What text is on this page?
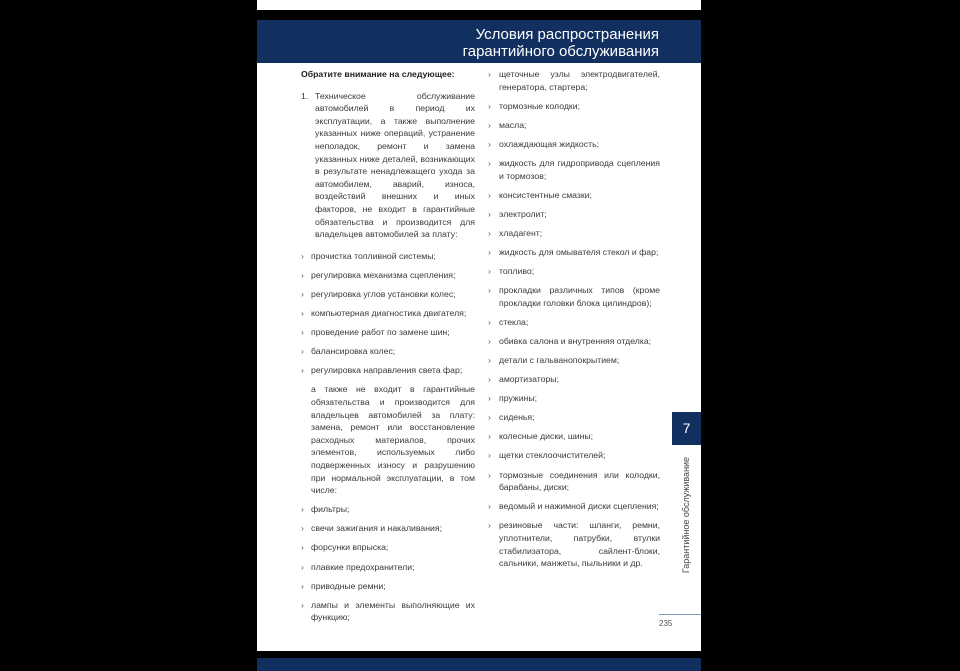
Условия распространения
гарантийного обслуживания
Обратите внимание на следующее:
1. Техническое обслуживание автомобилей в период их эксплуатации, а также выполнение указанных ниже операций, устранение неполадок, ремонт и замена указанных ниже деталей, возникающих в результате ненадлежащего ухода за автомобилем, аварий, износа, воздействий внешних и иных факторов, не входит в гарантийные обязательства и производится для владельцев автомобилей за плату:
› прочистка топливной системы;
› регулировка механизма сцепления;
› регулировка углов установки колес;
› компьютерная диагностика двигателя;
› проведение работ по замене шин;
› балансировка колес;
› регулировка направления света фар;
а также не входит в гарантийные обязательства и производится для владельцев автомобилей за плату: замена, ремонт или восстановление расходных материалов, прочих элементов, используемых либо подверженных износу и разрушению при нормальной эксплуатации, в том числе:
› фильтры;
› свечи зажигания и накаливания;
› форсунки впрыска;
› плавкие предохранители;
› приводные ремни;
› лампы и элементы выполняющие их функцию;
› щеточные узлы электродвигателей, генератора, стартера;
› тормозные колодки;
› масла;
› охлаждающая жидкость;
› жидкость для гидропривода сцепления и тормозов;
› консистентные смазки;
› электролит;
› хладагент;
› жидкость для омывателя стекол и фар;
› топливо;
› прокладки различных типов (кроме прокладки головки блока цилиндров);
› стекла;
› обивка салона и внутренняя отделка;
› детали с гальванопокрытием;
› амортизаторы;
› пружины;
› сиденья;
› колесные диски, шины;
› щетки стеклоочистителей;
› тормозные соединения или колодки, барабаны, диски;
› ведомый и нажимной диски сцепления;
› резиновые части: шланги, ремни, уплотнители, патрубки, втулки стабилизатора, сайлент-блоки, сальники, манжеты, пыльники и др.
7
Гарантийное обслуживание
235
